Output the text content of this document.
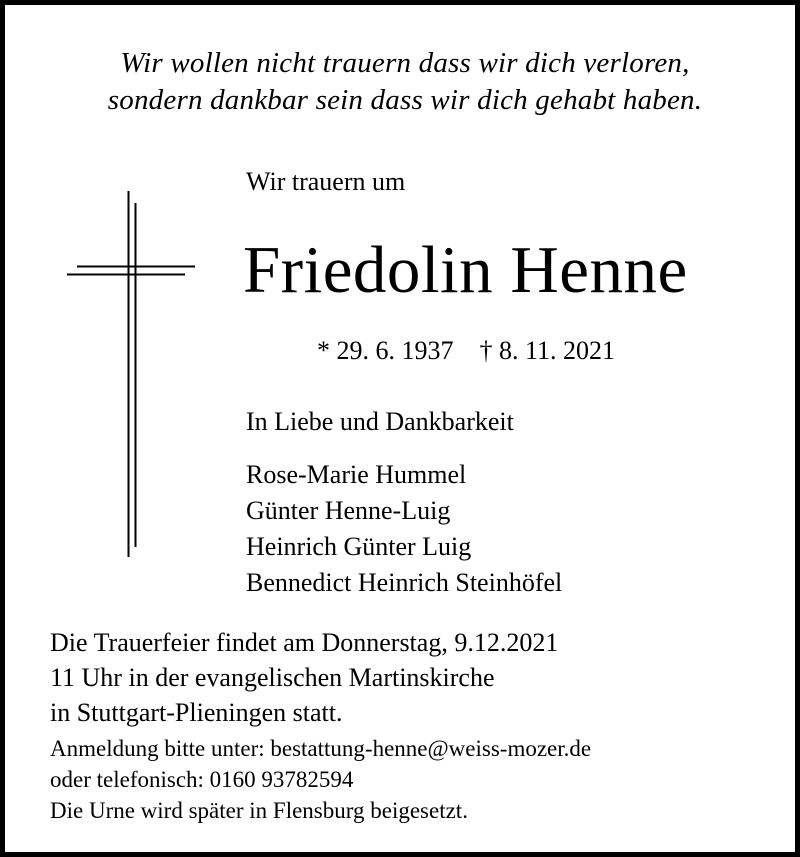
Wir wollen nicht trauern dass wir dich verloren,
sondern dankbar sein dass wir dich gehabt haben.
Wir trauern um
Friedolin Henne
* 29. 6. 1937 † 8. 11. 2021
In Liebe und Dankbarkeit
Rose-Marie Hummel
Günter Henne-Luig
Heinrich Günter Luig
Bennedict Heinrich Steinhöfel
Die Trauerfeier findet am Donnerstag, 9.12.2021
11 Uhr in der evangelischen Martinskirche
in Stuttgart-Plieningen statt.
Anmeldung bitte unter: bestattung-henne@weiss-mozer.de
oder telefonisch: 0160 93782594
Die Urne wird später in Flensburg beigesetzt.
